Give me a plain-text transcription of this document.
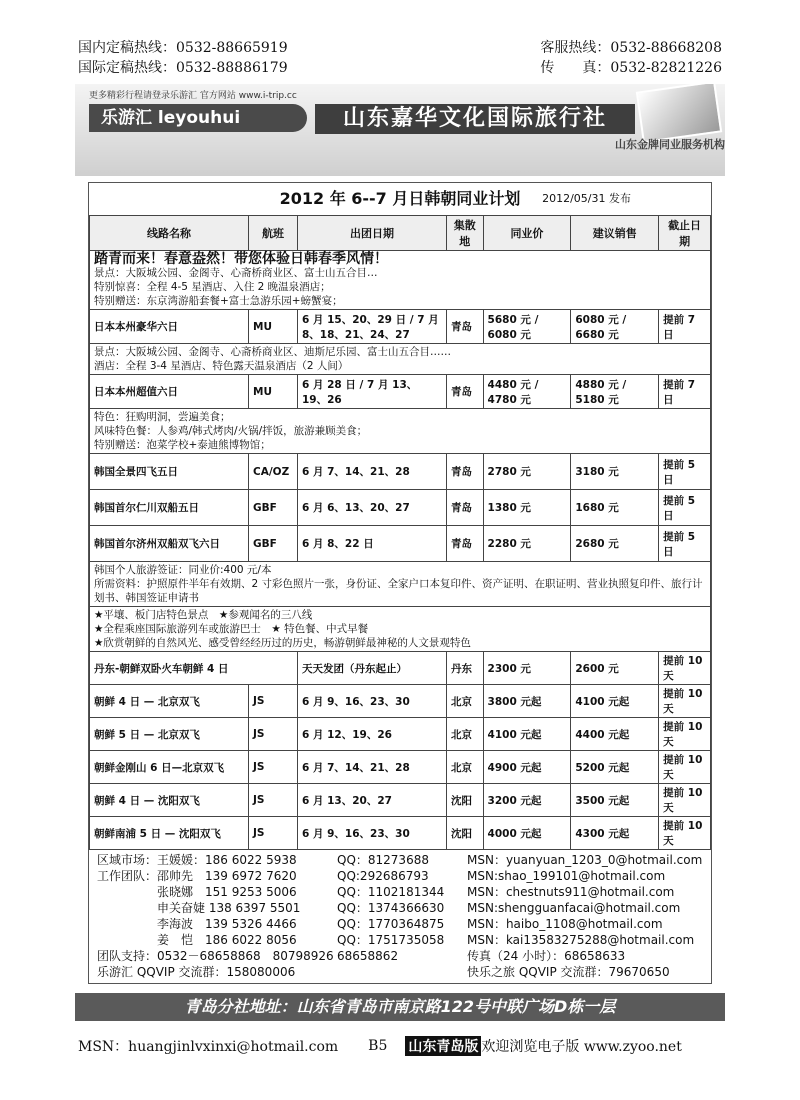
国内定稿热线：0532-88665919	客服热线：0532-88668208
国际定稿热线：0532-88886179	传　　真：0532-82821226
更多精彩行程请登录乐游汇 官方网站 www.i-trip.cc
乐游汇 leyouhui	山东嘉华文化国际旅行社
山东金牌同业服务机构
2012 年 6--7 月日韩朝同业计划 2012/05/31 发布
线路名称	航班	出团日期	集散地	同业价	建议销售	截止日期

踏青而来！春意盎然！带您体验日韩春季风情！
景点：大阪城公园、金阁寺、心斋桥商业区、富士山五合目…
特别惊喜：全程 4-5 星酒店、入住 2 晚温泉酒店；
特别赠送：东京湾游船套餐+富士急游乐园+螃蟹宴；						

日本本州豪华六日	MU	6 月 15、20、29 日 / 7 月 8、18、21、24、27	青岛	5680 元 / 6080 元	6080 元 / 6680 元	提前 7 日

景点：大阪城公园、金阁寺、心斋桥商业区、迪斯尼乐园、富士山五合目……
酒店：全程 3-4 星酒店、特色露天温泉酒店（2 人间）						

日本本州超值六日	MU	6 月 28 日 / 7 月 13、19、26	青岛	4480 元 / 4780 元	4880 元 / 5180 元	提前 7 日

特色：狂购明洞，尝遍美食；
风味特色餐：人参鸡/韩式烤肉/火锅/拌饭，旅游兼顾美食；
特别赠送：泡菜学校+泰迪熊博物馆；						

韩国全景四飞五日	CA/OZ	6 月 7、14、21、28	青岛	2780 元	3180 元	提前 5 日
韩国首尔仁川双船五日	GBF	6 月 6、13、20、27	青岛	1380 元	1680 元	提前 5 日
韩国首尔济州双船双飞六日	GBF	6 月 8、22 日	青岛	2280 元	2680 元	提前 5 日

韩国个人旅游签证：同业价:400 元/本
所需资料：护照原件半年有效期、2 寸彩色照片一张，身份证、全家户口本复印件、资产证明、在职证明、营业执照复印件、旅行计划书、韩国签证申请书						

★平壤、板门店特色景点　★参观闻名的三八线
★全程乘座国际旅游列车或旅游巴士　★ 特色餐、中式早餐
★欣赏朝鲜的自然风光、感受曾经经历过的历史，畅游朝鲜最神秘的人文景观特色						

丹东-朝鲜双卧火车朝鲜 4 日		天天发团（丹东起止）	丹东	2300 元	2600 元	提前 10 天
朝鲜 4 日 — 北京双飞	JS	6 月 9、16、23、30	北京	3800 元起	4100 元起	提前 10 天
朝鲜 5 日 — 北京双飞	JS	6 月 12、19、26	北京	4100 元起	4400 元起	提前 10 天
朝鲜金刚山 6 日—北京双飞	JS	6 月 7、14、21、28	北京	4900 元起	5200 元起	提前 10 天
朝鲜 4 日 — 沈阳双飞	JS	6 月 13、20、27	沈阳	3200 元起	3500 元起	提前 10 天
朝鲜南浦 5 日 — 沈阳双飞	JS	6 月 9、16、23、30	沈阳	4000 元起	4300 元起	提前 10 天
区域市场： 王媛媛：186 6022 5938	QQ：81273688	MSN：yuanyuan_1203_0@hotmail.com
工作团队： 邵帅先　139 6972 7620	QQ:292686793	MSN:shao_199101@hotmail.com
张晓娜　151 9253 5006	QQ：1102181344	MSN：chestnuts911@hotmail.com
申关奋婕 138 6397 5501	QQ：1374366630	MSN:shengguanfacai@hotmail.com
李海波　139 5326 4466	QQ：1770364875	MSN：haibo_1108@hotmail.com
姜　恺　186 6022 8056	QQ：1751735058	MSN：kai13583275288@hotmail.com
团队支持： 0532－68658868　80798926 68658862	传真（24 小时）：68658633
乐游汇 QQVIP 交流群：158080006	快乐之旅 QQVIP 交流群：79670650
青岛分社地址：山东省青岛市南京路122号中联广场D栋一层
MSN：huangjinlvxinxi@hotmail.com B5 山东青岛版 欢迎浏览电子版 www.zyoo.net
